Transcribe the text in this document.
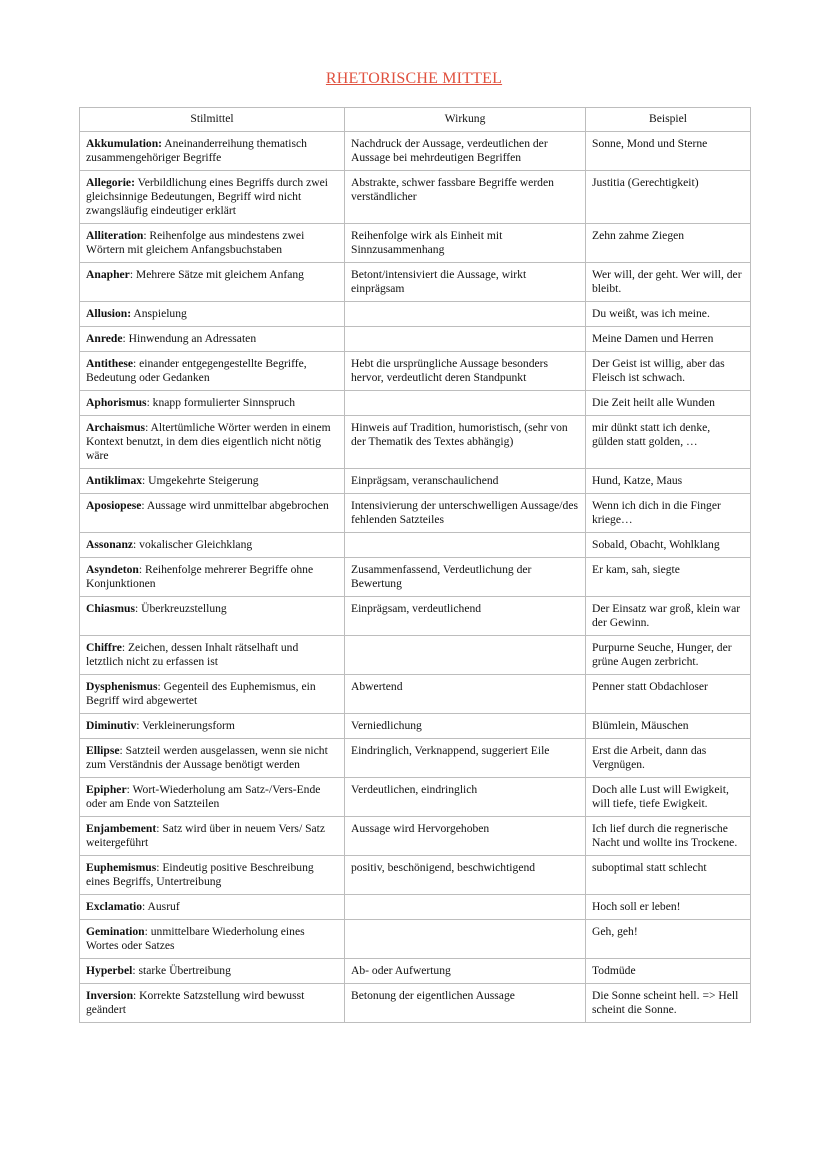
RHETORISCHE MITTEL
Stilmittel	Wirkung	Beispiel
Akkumulation: Aneinanderreihung thematisch zusammengehöriger Begriffe	Nachdruck der Aussage, verdeutlichen der Aussage bei mehrdeutigen Begriffen	Sonne, Mond und Sterne
Allegorie: Verbildlichung eines Begriffs durch zwei gleichsinnige Bedeutungen, Begriff wird nicht zwangsläufig eindeutiger erklärt	Abstrakte, schwer fassbare Begriffe werden verständlicher	Justitia (Gerechtigkeit)
Alliteration: Reihenfolge aus mindestens zwei Wörtern mit gleichem Anfangsbuchstaben	Reihenfolge wirk als Einheit mit Sinnzusammenhang	Zehn zahme Ziegen
Anapher: Mehrere Sätze mit gleichem Anfang	Betont/intensiviert die Aussage, wirkt einprägsam	Wer will, der geht. Wer will, der bleibt.
Allusion: Anspielung		Du weißt, was ich meine.
Anrede: Hinwendung an Adressaten		Meine Damen und Herren
Antithese: einander entgegengestellte Begriffe, Bedeutung oder Gedanken	Hebt die ursprüngliche Aussage besonders hervor, verdeutlicht deren Standpunkt	Der Geist ist willig, aber das Fleisch ist schwach.
Aphorismus: knapp formulierter Sinnspruch		Die Zeit heilt alle Wunden
Archaismus: Altertümliche Wörter werden in einem Kontext benutzt, in dem dies eigentlich nicht nötig wäre	Hinweis auf Tradition, humoristisch, (sehr von der Thematik des Textes abhängig)	mir dünkt statt ich denke, gülden statt golden, …
Antiklimax: Umgekehrte Steigerung	Einprägsam, veranschaulichend	Hund, Katze, Maus
Aposiopese: Aussage wird unmittelbar abgebrochen	Intensivierung der unterschwelligen Aussage/des fehlenden Satzteiles	Wenn ich dich in die Finger kriege…
Assonanz: vokalischer Gleichklang		Sobald, Obacht, Wohlklang
Asyndeton: Reihenfolge mehrerer Begriffe ohne Konjunktionen	Zusammenfassend, Verdeutlichung der Bewertung	Er kam, sah, siegte
Chiasmus: Überkreuzstellung	Einprägsam, verdeutlichend	Der Einsatz war groß, klein war der Gewinn.
Chiffre: Zeichen, dessen Inhalt rätselhaft und letztlich nicht zu erfassen ist		Purpurne Seuche, Hunger, der grüne Augen zerbricht.
Dysphenismus: Gegenteil des Euphemismus, ein Begriff wird abgewertet	Abwertend	Penner statt Obdachloser
Diminutiv: Verkleinerungsform	Verniedlichung	Blümlein, Mäuschen
Ellipse: Satzteil werden ausgelassen, wenn sie nicht zum Verständnis der Aussage benötigt werden	Eindringlich, Verknappend, suggeriert Eile	Erst die Arbeit, dann das Vergnügen.
Epipher: Wort-Wiederholung am Satz-/Vers-Ende oder am Ende von Satzteilen	Verdeutlichen, eindringlich	Doch alle Lust will Ewigkeit, will tiefe, tiefe Ewigkeit.
Enjambement: Satz wird über in neuem Vers/ Satz weitergeführt	Aussage wird Hervorgehoben	Ich lief durch die regnerische Nacht und wollte ins Trockene.
Euphemismus: Eindeutig positive Beschreibung eines Begriffs, Untertreibung	positiv, beschönigend, beschwichtigend	suboptimal statt schlecht
Exclamatio: Ausruf		Hoch soll er leben!
Gemination: unmittelbare Wiederholung eines Wortes oder Satzes		Geh, geh!
Hyperbel: starke Übertreibung	Ab- oder Aufwertung	Todmüde
Inversion: Korrekte Satzstellung wird bewusst geändert	Betonung der eigentlichen Aussage	Die Sonne scheint hell. => Hell scheint die Sonne.
